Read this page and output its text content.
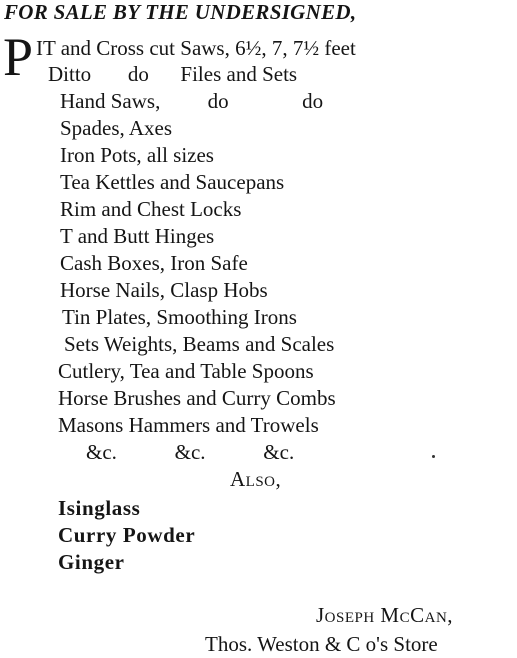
FOR SALE BY THE UNDERSIGNED,
P IT and Cross cut Saws, 6½, 7, 7½ feet
Ditto       do      Files and Sets
Hand Saws,         do              do
Spades, Axes
Iron Pots, all sizes
Tea Kettles and Saucepans
Rim and Chest Locks
T and Butt Hinges
Cash Boxes, Iron Safe
Horse Nails, Clasp Hobs
Tin Plates, Smoothing Irons
Sets Weights, Beams and Scales
Cutlery, Tea and Table Spoons
Horse Brushes and Curry Combs
Masons Hammers and Trowels
&c.           &c.           &c.
Also,
Isinglass
Curry Powder
Ginger
Joseph McCan,
Thos. Weston & C o's Store
